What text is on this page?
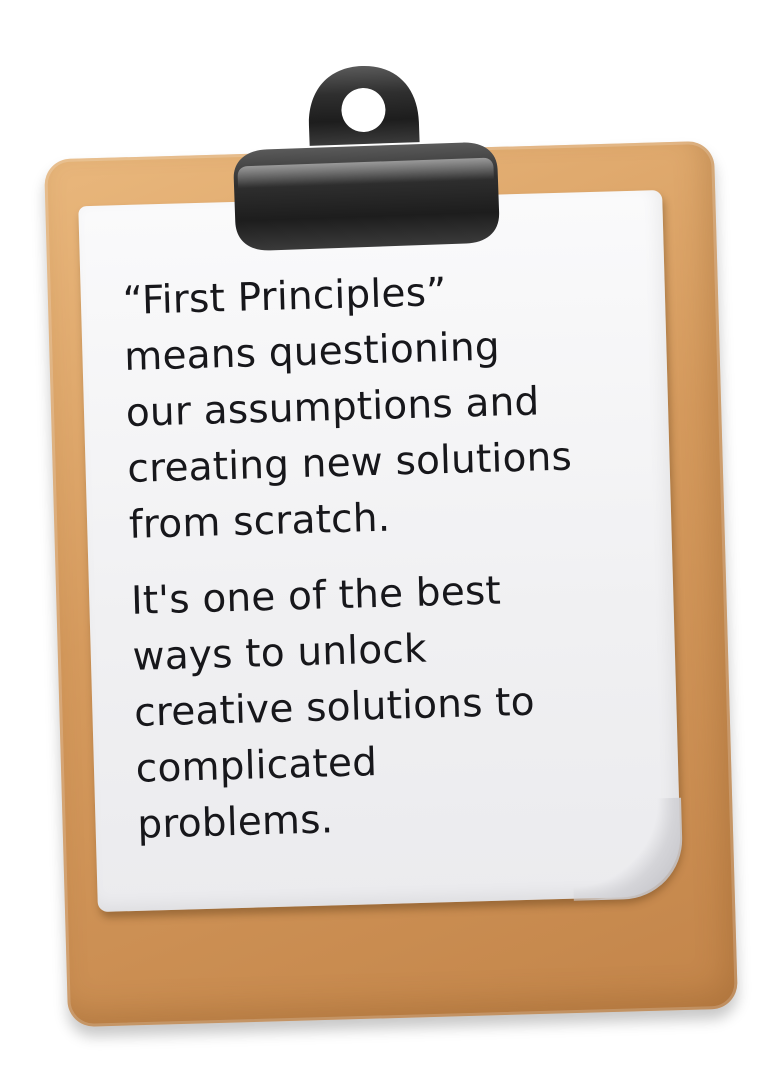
“First Principles”
means questioning
our assumptions and
creating new solutions
from scratch.

It's one of the best
ways to unlock
creative solutions to
complicated
problems.
